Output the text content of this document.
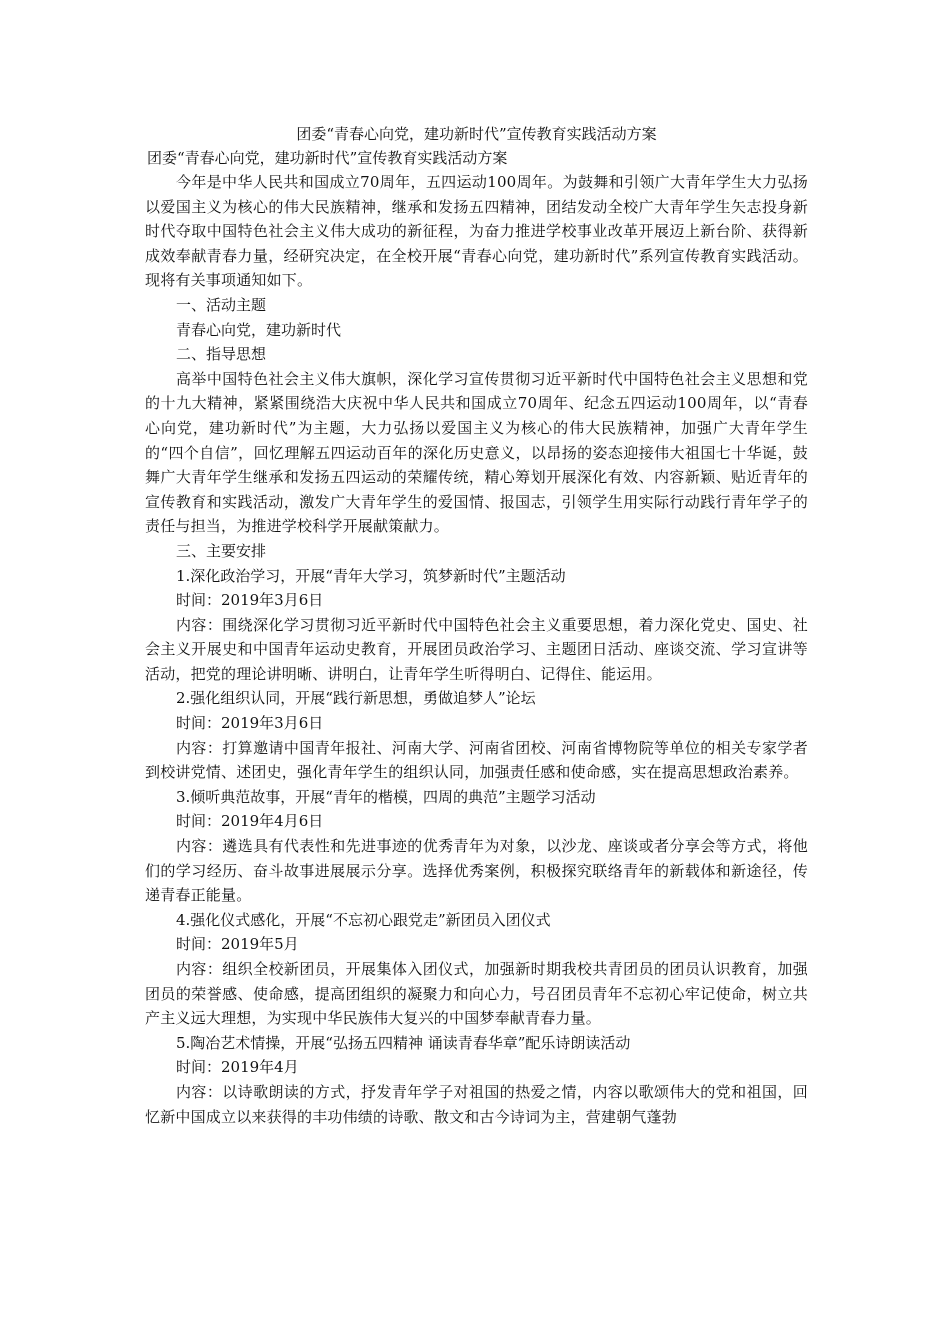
团委“青春心向党，建功新时代”宣传教育实践活动方案
团委“青春心向党，建功新时代”宣传教育实践活动方案

今年是中华人民共和国成立70周年，五四运动100周年。为鼓舞和引领广大青年学生大力弘扬以爱国主义为核心的伟大民族精神，继承和发扬五四精神，团结发动全校广大青年学生矢志投身新时代夺取中国特色社会主义伟大成功的新征程，为奋力推进学校事业改革开展迈上新台阶、获得新成效奉献青春力量，经研究决定，在全校开展“青春心向党，建功新时代”系列宣传教育实践活动。现将有关事项通知如下。

一、活动主题

青春心向党，建功新时代

二、指导思想

高举中国特色社会主义伟大旗帜，深化学习宣传贯彻习近平新时代中国特色社会主义思想和党的十九大精神，紧紧围绕浩大庆祝中华人民共和国成立70周年、纪念五四运动100周年，以“青春心向党，建功新时代”为主题，大力弘扬以爱国主义为核心的伟大民族精神，加强广大青年学生的“四个自信”，回忆理解五四运动百年的深化历史意义，以昂扬的姿态迎接伟大祖国七十华诞，鼓舞广大青年学生继承和发扬五四运动的荣耀传统，精心筹划开展深化有效、内容新颖、贴近青年的宣传教育和实践活动，激发广大青年学生的爱国情、报国志，引领学生用实际行动践行青年学子的责任与担当，为推进学校科学开展献策献力。

三、主要安排

1.深化政治学习，开展“青年大学习，筑梦新时代”主题活动

时间：2019年3月6日

内容：围绕深化学习贯彻习近平新时代中国特色社会主义重要思想，着力深化党史、国史、社会主义开展史和中国青年运动史教育，开展团员政治学习、主题团日活动、座谈交流、学习宣讲等活动，把党的理论讲明晰、讲明白，让青年学生听得明白、记得住、能运用。

2.强化组织认同，开展“践行新思想，勇做追梦人”论坛

时间：2019年3月6日

内容：打算邀请中国青年报社、河南大学、河南省团校、河南省博物院等单位的相关专家学者到校讲党情、述团史，强化青年学生的组织认同，加强责任感和使命感，实在提高思想政治素养。

3.倾听典范故事，开展“青年的楷模，四周的典范”主题学习活动

时间：2019年4月6日

内容：遴选具有代表性和先进事迹的优秀青年为对象，以沙龙、座谈或者分享会等方式，将他们的学习经历、奋斗故事进展展示分享。选择优秀案例，积极探究联络青年的新载体和新途径，传递青春正能量。

4.强化仪式感化，开展“不忘初心跟党走”新团员入团仪式

时间：2019年5月

内容：组织全校新团员，开展集体入团仪式，加强新时期我校共青团员的团员认识教育，加强团员的荣誉感、使命感，提高团组织的凝聚力和向心力，号召团员青年不忘初心牢记使命，树立共产主义远大理想，为实现中华民族伟大复兴的中国梦奉献青春力量。

5.陶冶艺术情操，开展“弘扬五四精神 诵读青春华章”配乐诗朗读活动

时间：2019年4月

内容：以诗歌朗读的方式，抒发青年学子对祖国的热爱之情，内容以歌颂伟大的党和祖国，回忆新中国成立以来获得的丰功伟绩的诗歌、散文和古今诗词为主，营建朝气蓬勃
